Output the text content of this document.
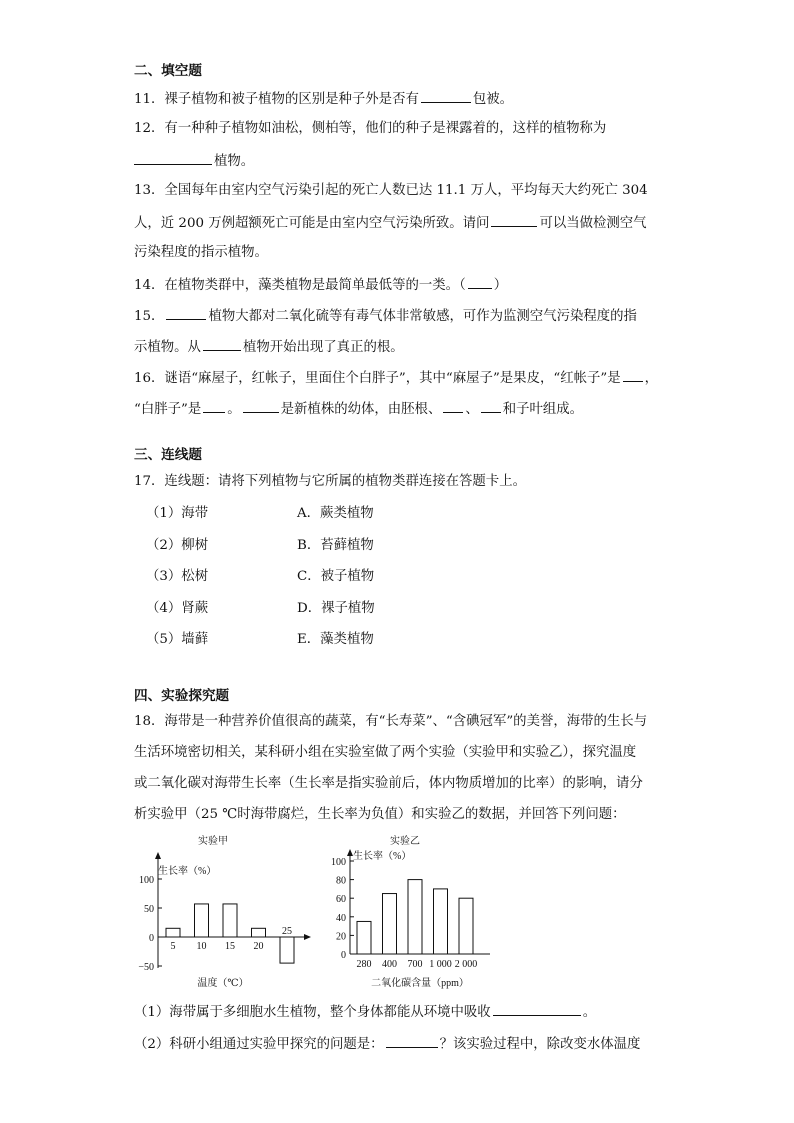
二、填空题
11．裸子植物和被子植物的区别是种子外是否有	包被。
12．有一种种子植物如油松，侧柏等，他们的种子是裸露着的，这样的植物称为
植物。
13．全国每年由室内空气污染引起的死亡人数已达 11.1 万人，平均每天大约死亡 304
人，近 200 万例超额死亡可能是由室内空气污染所致。请问	可以当做检测空气
污染程度的指示植物。
14．在植物类群中，藻类植物是最简单最低等的一类。（ ）
15．	植物大都对二氧化硫等有毒气体非常敏感，可作为监测空气污染程度的指
示植物。从	植物开始出现了真正的根。
16．谜语“麻屋子，红帐子，里面住个白胖子”，其中“麻屋子”是果皮，“红帐子”是 ，
“白胖子”是 。	是新植株的幼体，由胚根、 、 和子叶组成。
三、连线题
17．连线题：请将下列植物与它所属的植物类群连接在答题卡上。
（1）海带	A．蕨类植物
（2）柳树	B．苔藓植物
（3）松树	C．被子植物
（4）肾蕨	D．裸子植物
（5）墙藓	E．藻类植物
四、实验探究题
18．海带是一种营养价值很高的蔬菜，有“长寿菜”、“含碘冠军”的美誉，海带的生长与
生活环境密切相关，某科研小组在实验室做了两个实验（实验甲和实验乙），探究温度
或二氧化碳对海带生长率（生长率是指实验前后，体内物质增加的比率）的影响，请分
析实验甲（25 ℃时海带腐烂，生长率为负值）和实验乙的数据，并回答下列问题：
实验甲
生长率（%）
100
50
0
−50
5 10 15 20
25
温度（℃）
实验乙
生长率（%）
100
80
60
40
20
0
280 400 700 1 000 2 000
二氧化碳含量（ppm）
（1）海带属于多细胞水生植物，整个身体都能从环境中吸收	。
（2）科研小组通过实验甲探究的问题是：	？该实验过程中，除改变水体温度
